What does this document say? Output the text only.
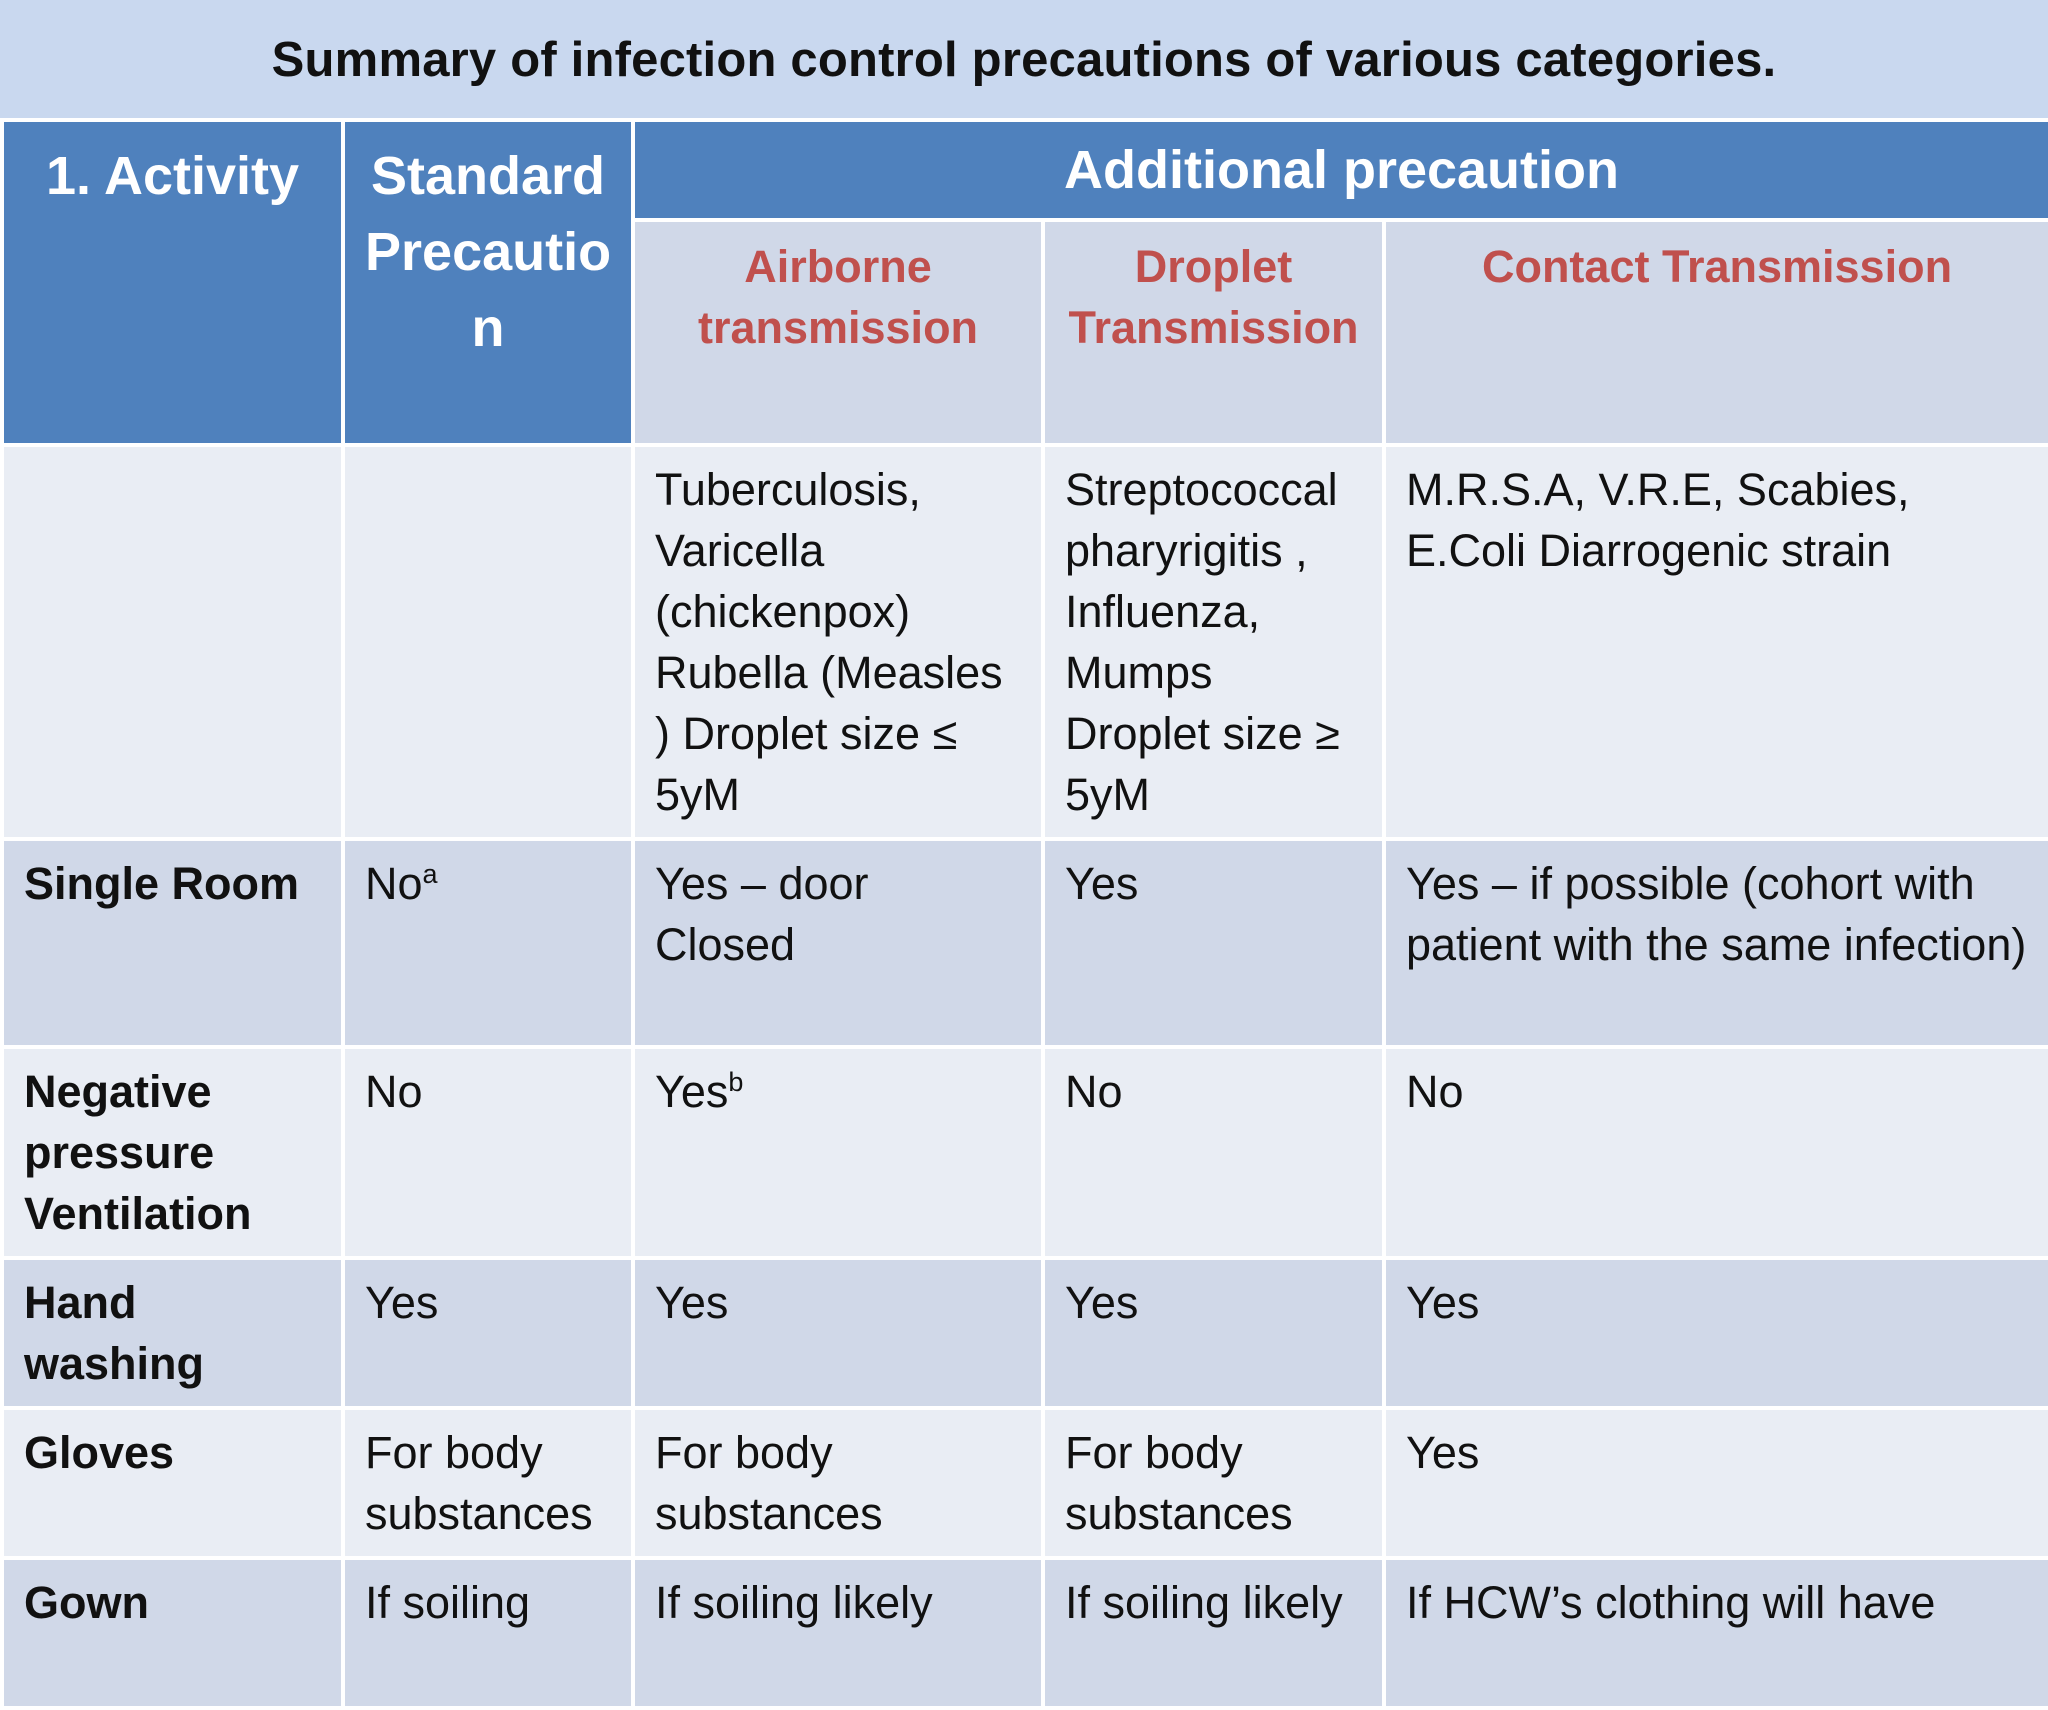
Summary of infection control precautions of various categories.
1. Activity	Standard Precautio n	Additional precaution		
		Airborne transmission	Droplet Transmission	Contact Transmission
		Tuberculosis, Varicella (chickenpox) Rubella (Measles ) Droplet size ≤ 5yM	Streptococcal pharyrigitis , Influenza, Mumps Droplet size ≥ 5yM	M.R.S.A, V.R.E, Scabies, E.Coli Diarrogenic strain
Single Room	No$^a$	Yes – door Closed	Yes	Yes – if possible (cohort with patient with the same infection)
Negative pressure Ventilation	No	Yes$^b$	No	No
Hand washing	Yes	Yes	Yes	Yes
Gloves	For body substances	For body substances	For body substances	Yes
Gown	If soiling	If soiling likely	If soiling likely	If HCW’s clothing will have
